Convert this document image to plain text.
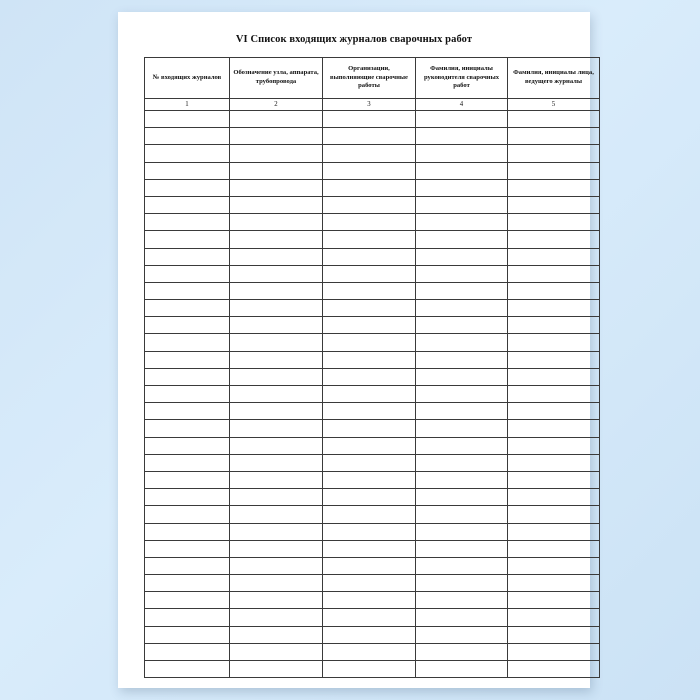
VI Список входящих журналов сварочных работ
№ входящих журналов	Обозначение узла, аппарата, трубопровода	Организации, выполняющие сварочные работы	Фамилия, инициалы руководителя сварочных работ	Фамилия, инициалы лица, ведущего журналы
1	2	3	4	5
